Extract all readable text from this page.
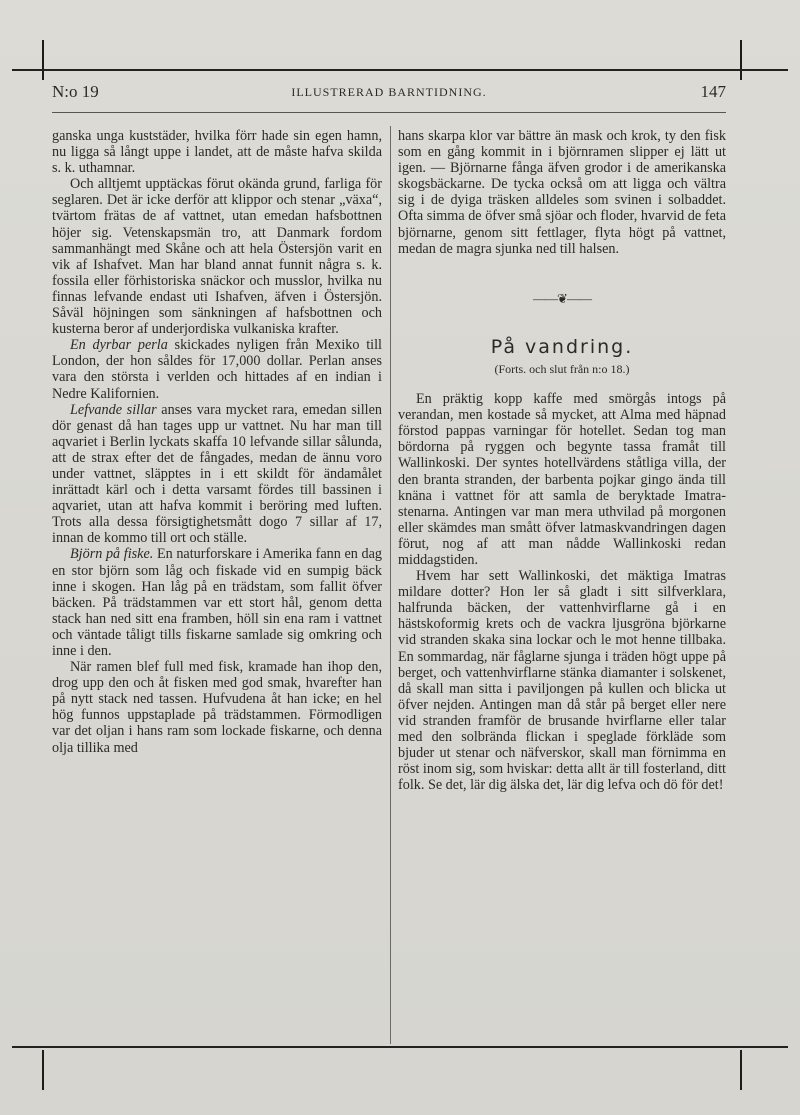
N:o 19	ILLUSTRERAD BARNTIDNING.	147

ganska unga kuststäder, hvilka förr hade sin egen hamn, nu ligga så långt uppe i landet, att de måste hafva skilda s. k. uthamnar.

Och alltjemt upptäckas förut okända grund, farliga för seglaren. Det är icke derför att klippor och stenar „växa“, tvärtom frätas de af vattnet, utan emedan hafsbottnen höjer sig. Vetenskapsmän tro, att Danmark fordom sammanhängt med Skåne och att hela Östersjön varit en vik af Ishafvet. Man har bland annat funnit några s. k. fossila eller förhistoriska snäckor och musslor, hvilka nu finnas lefvande endast uti Ishafven, äfven i Östersjön. Såväl höjningen som sänkningen af hafsbottnen och kusterna beror af underjordiska vulkaniska krafter.

En dyrbar perla skickades nyligen från Mexiko till London, der hon såldes för 17,000 dollar. Perlan anses vara den största i verlden och hittades af en indian i Nedre Kalifornien.

Lefvande sillar anses vara mycket rara, emedan sillen dör genast då han tages upp ur vattnet. Nu har man till aqvariet i Berlin lyckats skaffa 10 lefvande sillar sålunda, att de strax efter det de fångades, medan de ännu voro under vattnet, släpptes in i ett skildt för ändamålet inrättadt kärl och i detta varsamt fördes till bassinen i aqvariet, utan att hafva kommit i beröring med luften. Trots alla dessa försigtighetsmått dogo 7 sillar af 17, innan de kommo till ort och ställe.

Björn på fiske. En naturforskare i Amerika fann en dag en stor björn som låg och fiskade vid en sumpig bäck inne i skogen. Han låg på en trädstam, som fallit öfver bäcken. På trädstammen var ett stort hål, genom detta stack han ned sitt ena framben, höll sin ena ram i vattnet och väntade tåligt tills fiskarne samlade sig omkring och inne i den.

När ramen blef full med fisk, kramade han ihop den, drog upp den och åt fisken med god smak, hvarefter han på nytt stack ned tassen. Hufvudena åt han icke; en hel hög funnos uppstaplade på trädstammen. Förmodligen var det oljan i hans ram som lockade fiskarne, och denna olja tillika med

hans skarpa klor var bättre än mask och krok, ty den fisk som en gång kommit in i björnramen slipper ej lätt ut igen. — Björnarne fånga äfven grodor i de amerikanska skogsbäckarne. De tycka också om att ligga och vältra sig i de dyiga träsken alldeles som svinen i solbaddet. Ofta simma de öfver små sjöar och floder, hvarvid de feta björnarne, genom sitt fettlager, flyta högt på vattnet, medan de magra sjunka ned till halsen.

——❦——
På vandring.
(Forts. och slut från n:o 18.)

En präktig kopp kaffe med smörgås intogs på verandan, men kostade så mycket, att Alma med häpnad förstod pappas varningar för hotellet. Sedan tog man bördorna på ryggen och begynte tassa framåt till Wallinkoski. Der syntes hotellvärdens ståtliga villa, der den branta stranden, der barbenta pojkar gingo ända till knäna i vattnet för att samla de beryktade Imatra-stenarna. Antingen var man mera uthvilad på morgonen eller skämdes man smått öfver latmaskvandringen dagen förut, nog af att man nådde Wallinkoski redan middagstiden.

Hvem har sett Wallinkoski, det mäktiga Imatras mildare dotter? Hon ler så gladt i sitt silfverklara, halfrunda bäcken, der vattenhvirflarne gå i en hästskoformig krets och de vackra ljusgröna björkarne vid stranden skaka sina lockar och le mot henne tillbaka. En sommardag, när fåglarne sjunga i träden högt uppe på berget, och vattenhvirflarne stänka diamanter i solskenet, då skall man sitta i paviljongen på kullen och blicka ut öfver nejden. Antingen man då står på berget eller nere vid stranden framför de brusande hvirflarne eller talar med den solbrända flickan i speglade förkläde som bjuder ut stenar och näfverskor, skall man förnimma en röst inom sig, som hviskar: detta allt är till fosterland, ditt folk. Se det, lär dig älska det, lär dig lefva och dö för det!
